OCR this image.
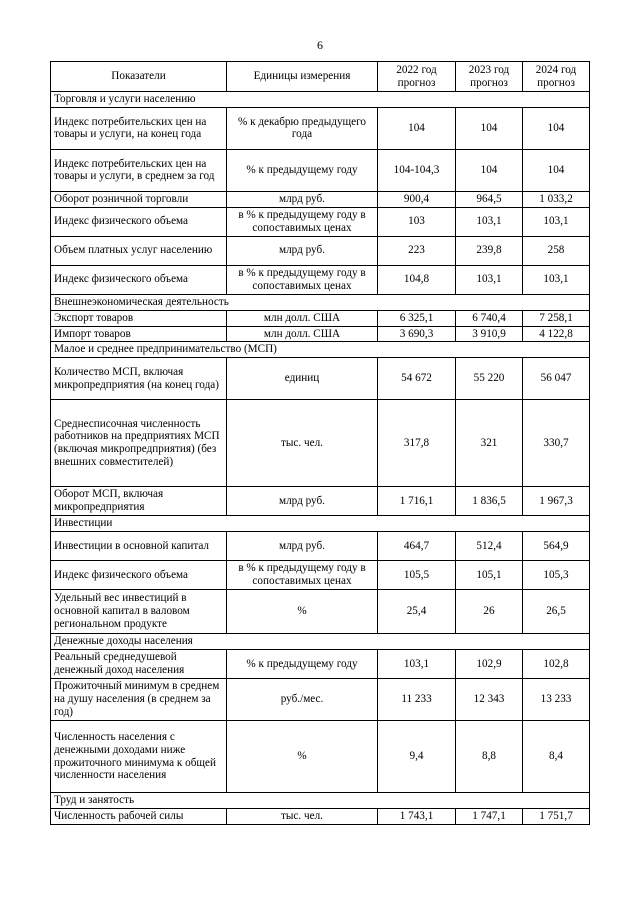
6
Показатели	Единицы измерения	2022 год прогноз	2023 год прогноз	2024 год прогноз
Торговля и услуги населению				
Индекс потребительских цен на товары и услуги, на конец года	% к декабрю предыдущего года	104	104	104
Индекс потребительских цен на товары и услуги, в среднем за год	% к предыдущему году	104-104,3	104	104
Оборот розничной торговли	млрд руб.	900,4	964,5	1 033,2
Индекс физического объема	в % к предыдущему году в сопоставимых ценах	103	103,1	103,1
Объем платных услуг населению	млрд руб.	223	239,8	258
Индекс физического объема	в % к предыдущему году в сопоставимых ценах	104,8	103,1	103,1
Внешнеэкономическая деятельность				
Экспорт товаров	млн долл. США	6 325,1	6 740,4	7 258,1
Импорт товаров	млн долл. США	3 690,3	3 910,9	4 122,8
Малое и среднее предпринимательство (МСП)				
Количество МСП, включая микропредприятия (на конец года)	единиц	54 672	55 220	56 047
Среднесписочная численность работников на предприятиях МСП (включая микропредприятия) (без внешних совместителей)	тыс. чел.	317,8	321	330,7
Оборот МСП, включая микропредприятия	млрд руб.	1 716,1	1 836,5	1 967,3
Инвестиции				
Инвестиции в основной капитал	млрд руб.	464,7	512,4	564,9
Индекс физического объема	в % к предыдущему году в сопоставимых ценах	105,5	105,1	105,3
Удельный вес инвестиций в основной капитал в валовом региональном продукте	%	25,4	26	26,5
Денежные доходы населения				
Реальный среднедушевой денежный доход населения	% к предыдущему году	103,1	102,9	102,8
Прожиточный минимум в среднем на душу населения (в среднем за год)	руб./мес.	11 233	12 343	13 233
Численность населения с денежными доходами ниже прожиточного минимума к общей численности населения	%	9,4	8,8	8,4
Труд и занятость				
Численность рабочей силы	тыс. чел.	1 743,1	1 747,1	1 751,7
